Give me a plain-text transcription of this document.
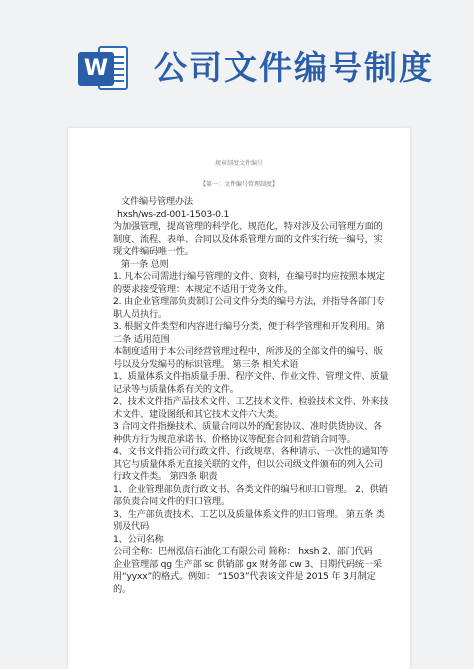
W 公司文件编号制度
规章制度文件编号
【第一：文件编号管理制度】
文件编号管理办法
hxsh/ws-zd-001-1503-0.1
为加强管理，提高管理的科学化、规范化，特对涉及公司管理方面的制度、流程、表单、合同以及体系管理方面的文件实行统一编号，实现文件编码唯一性。
第一条 总则
1. 凡本公司需进行编号管理的文件、资料，在编号时均应按照本规定的要求接受管理：本规定不适用于党务文件。
2. 由企业管理部负责制订公司文件分类的编号方法，并指导各部门专职人员执行。
3. 根据文件类型和内容进行编号分类，便于科学管理和开发利用。第二条 适用范围
本制度适用于本公司经营管理过程中，所涉及的全部文件的编号、版号以及分发编号的标识管理。 第三条 相关术语
1、质量体系文件指质量手册、程序文件、作业文件、管理文件、质量记录等与质量体系有关的文件。
2、技术文件指产品技术文件、工艺技术文件、检验技术文件、外来技术文件、建设图纸和其它技术文件六大类。
3 合同文件指操技术、质量合同以外的配套协议、准时供货协议、各种供方行为规范承诺书、价格协议等配套合同和营销合同等。
4、文书文件指公司行政文件、行政规章、各种请示、一次性的通知等其它与质量体系无直接关联的文件，但以公司级文件颁布的列入公司行政文件类。 第四条 职责
1、企业管理部负责行政文书、各类文件的编号和归口管理。 2、供销部负责合同文件的归口管理。
3、生产部负责技术、工艺以及质量体系文件的归口管理。 第五条 类别及代码
1、公司名称
公司全称：巴州泓信石油化工有限公司 简称： hxsh 2、部门代码
企业管理部 qg 生产部 sc 供销部 gx 财务部 cw 3、日期代码统一采用“yyxx”的格式。例如： “1503”代表该文件是 2015 年 3月制定的。
